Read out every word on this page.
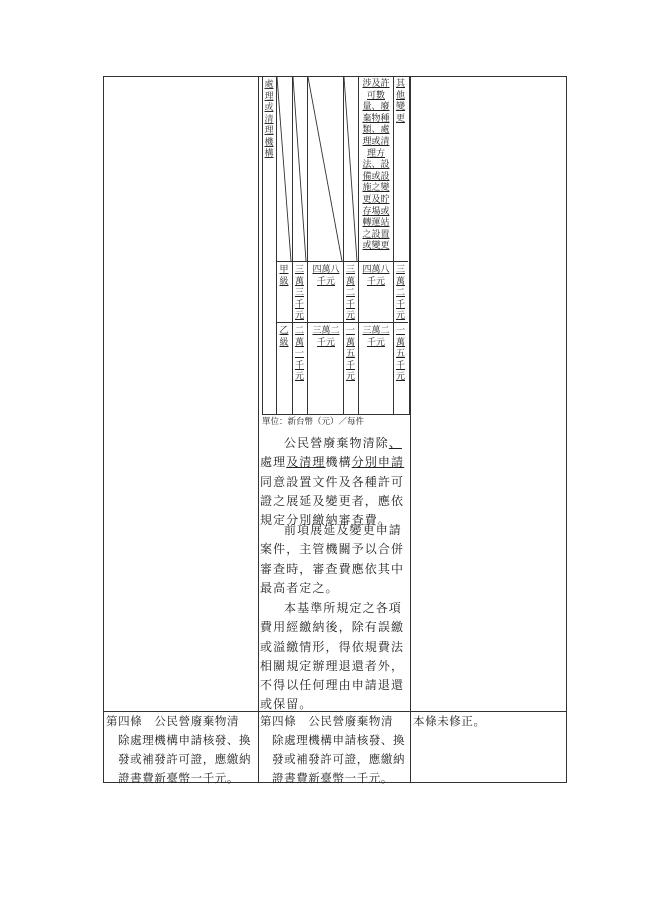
處理或清理機構
涉及許可數量、廢棄物種類、處理或清理方法、設備或設施之變更及貯存場或轉運站之設置或變更
其他變更
甲級
三萬三千元
四萬八千元
三萬二千元
四萬八千元
三萬二千元
乙級
二萬一千元
三萬二千元
一萬五千元
三萬二千元
一萬五千元
單位：新台幣（元）／每件
公民營廢棄物清除、處理及清理機構分別申請同意設置文件及各種許可證之展延及變更者，應依規定分別繳納審查費。
前項展延及變更申請案件，主管機關予以合併審查時，審查費應依其中最高者定之。
本基準所規定之各項費用經繳納後，除有誤繳或溢繳情形，得依規費法相關規定辦理退還者外，不得以任何理由申請退還或保留。
第四條　公民營廢棄物清
除處理機構申請核發、換
發或補發許可證，應繳納
證書費新臺幣一千元。
第四條　公民營廢棄物清
除處理機構申請核發、換
發或補發許可證，應繳納
證書費新臺幣一千元。
本條未修正。
